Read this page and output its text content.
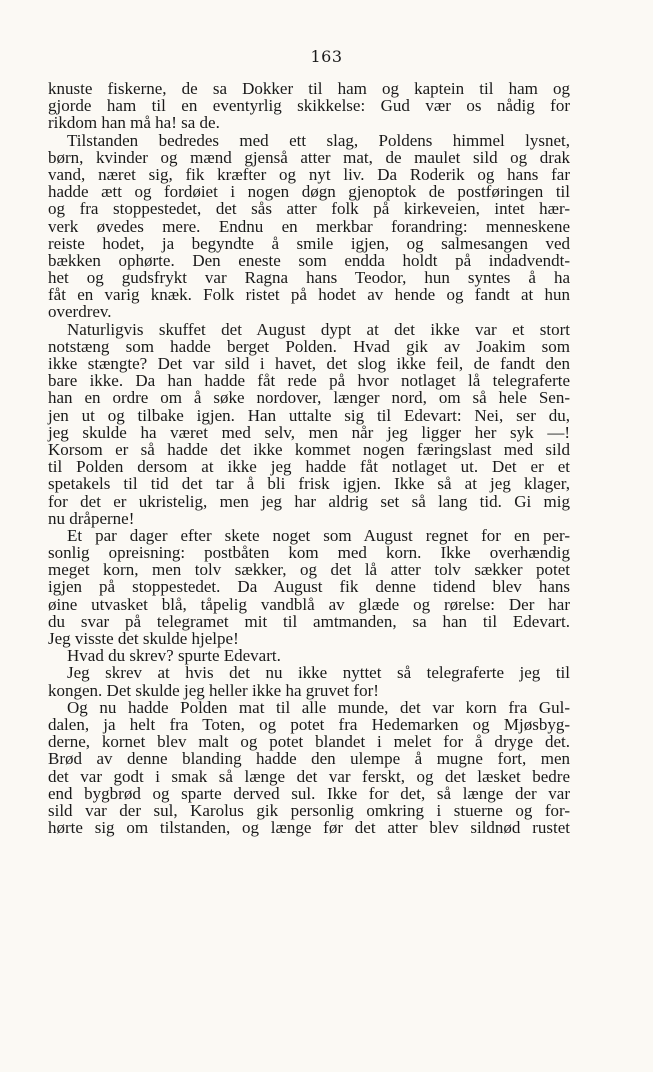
163
knuste fiskerne, de sa Dokker til ham og kaptein til ham og
gjorde ham til en eventyrlig skikkelse: Gud vær os nådig for
rikdom han må ha! sa de.
Tilstanden bedredes med ett slag, Poldens himmel lysnet,
børn, kvinder og mænd gjenså atter mat, de maulet sild og drak
vand, næret sig, fik kræfter og nyt liv. Da Roderik og hans far
hadde ætt og fordøiet i nogen døgn gjenoptok de postføringen til
og fra stoppestedet, det sås atter folk på kirkeveien, intet hær-
verk øvedes mere. Endnu en merkbar forandring: menneskene
reiste hodet, ja begyndte å smile igjen, og salmesangen ved
bækken ophørte. Den eneste som endda holdt på indadvendt-
het og gudsfrykt var Ragna hans Teodor, hun syntes å ha
fåt en varig knæk. Folk ristet på hodet av hende og fandt at hun
overdrev.
Naturligvis skuffet det August dypt at det ikke var et stort
notstæng som hadde berget Polden. Hvad gik av Joakim som
ikke stængte? Det var sild i havet, det slog ikke feil, de fandt den
bare ikke. Da han hadde fåt rede på hvor notlaget lå telegraferte
han en ordre om å søke nordover, længer nord, om så hele Sen-
jen ut og tilbake igjen. Han uttalte sig til Edevart: Nei, ser du,
jeg skulde ha været med selv, men når jeg ligger her syk —!
Korsom er så hadde det ikke kommet nogen færingslast med sild
til Polden dersom at ikke jeg hadde fåt notlaget ut. Det er et
spetakels til tid det tar å bli frisk igjen. Ikke så at jeg klager,
for det er ukristelig, men jeg har aldrig set så lang tid. Gi mig
nu dråperne!
Et par dager efter skete noget som August regnet for en per-
sonlig opreisning: postbåten kom med korn. Ikke overhændig
meget korn, men tolv sækker, og det lå atter tolv sækker potet
igjen på stoppestedet. Da August fik denne tidend blev hans
øine utvasket blå, tåpelig vandblå av glæde og rørelse: Der har
du svar på telegramet mit til amtmanden, sa han til Edevart.
Jeg visste det skulde hjelpe!
Hvad du skrev? spurte Edevart.
Jeg skrev at hvis det nu ikke nyttet så telegraferte jeg til
kongen. Det skulde jeg heller ikke ha gruvet for!
Og nu hadde Polden mat til alle munde, det var korn fra Gul-
dalen, ja helt fra Toten, og potet fra Hedemarken og Mjøsbyg-
derne, kornet blev malt og potet blandet i melet for å dryge det.
Brød av denne blanding hadde den ulempe å mugne fort, men
det var godt i smak så længe det var ferskt, og det læsket bedre
end bygbrød og sparte derved sul. Ikke for det, så længe der var
sild var der sul, Karolus gik personlig omkring i stuerne og for-
hørte sig om tilstanden, og længe før det atter blev sildnød rustet
